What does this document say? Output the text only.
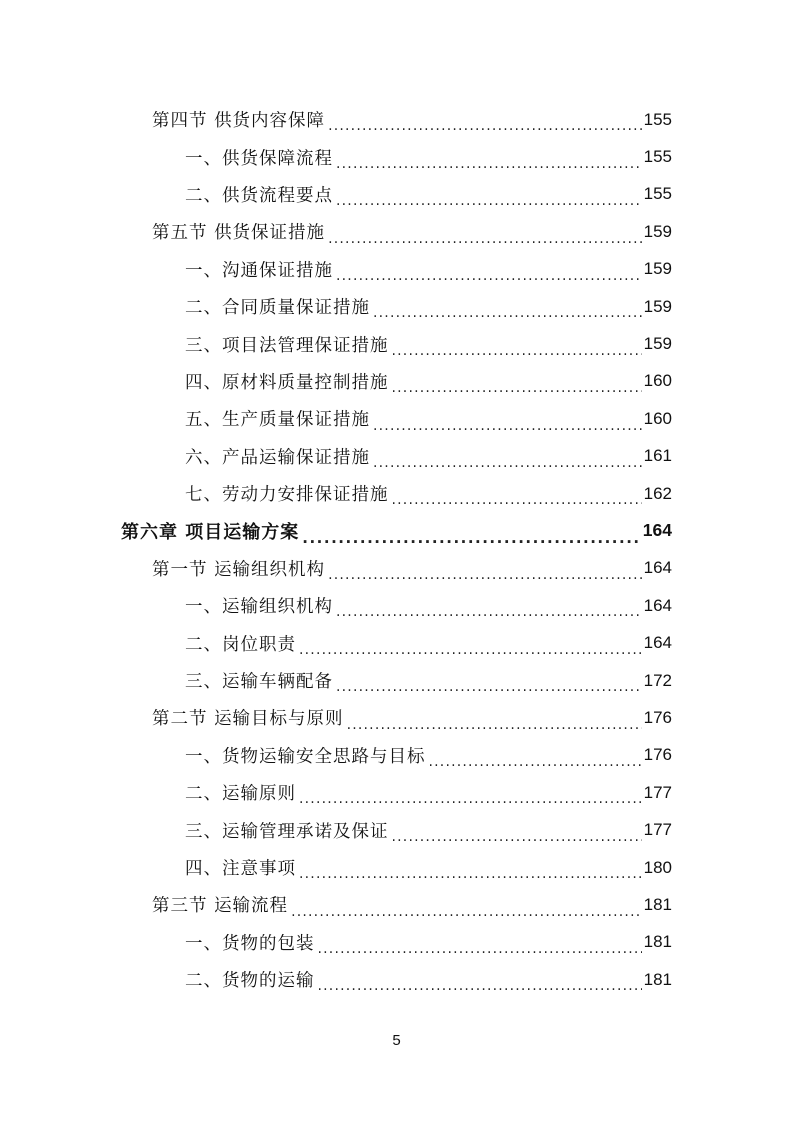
第四节 供货内容保障 .....	155
一、供货保障流程 .....	155
二、供货流程要点 .....	155
第五节 供货保证措施 .....	159
一、沟通保证措施 .....	159
二、合同质量保证措施 .....	159
三、项目法管理保证措施 .....	159
四、原材料质量控制措施 .....	160
五、生产质量保证措施 .....	160
六、产品运输保证措施 .....	161
七、劳动力安排保证措施 .....	162
第六章 项目运输方案 .....	164
第一节 运输组织机构 .....	164
一、运输组织机构 .....	164
二、岗位职责 .....	164
三、运输车辆配备 .....	172
第二节 运输目标与原则 .....	176
一、货物运输安全思路与目标 .....	176
二、运输原则 .....	177
三、运输管理承诺及保证 .....	177
四、注意事项 .....	180
第三节 运输流程 .....	181
一、货物的包装 .....	181
二、货物的运输 .....	181
5
